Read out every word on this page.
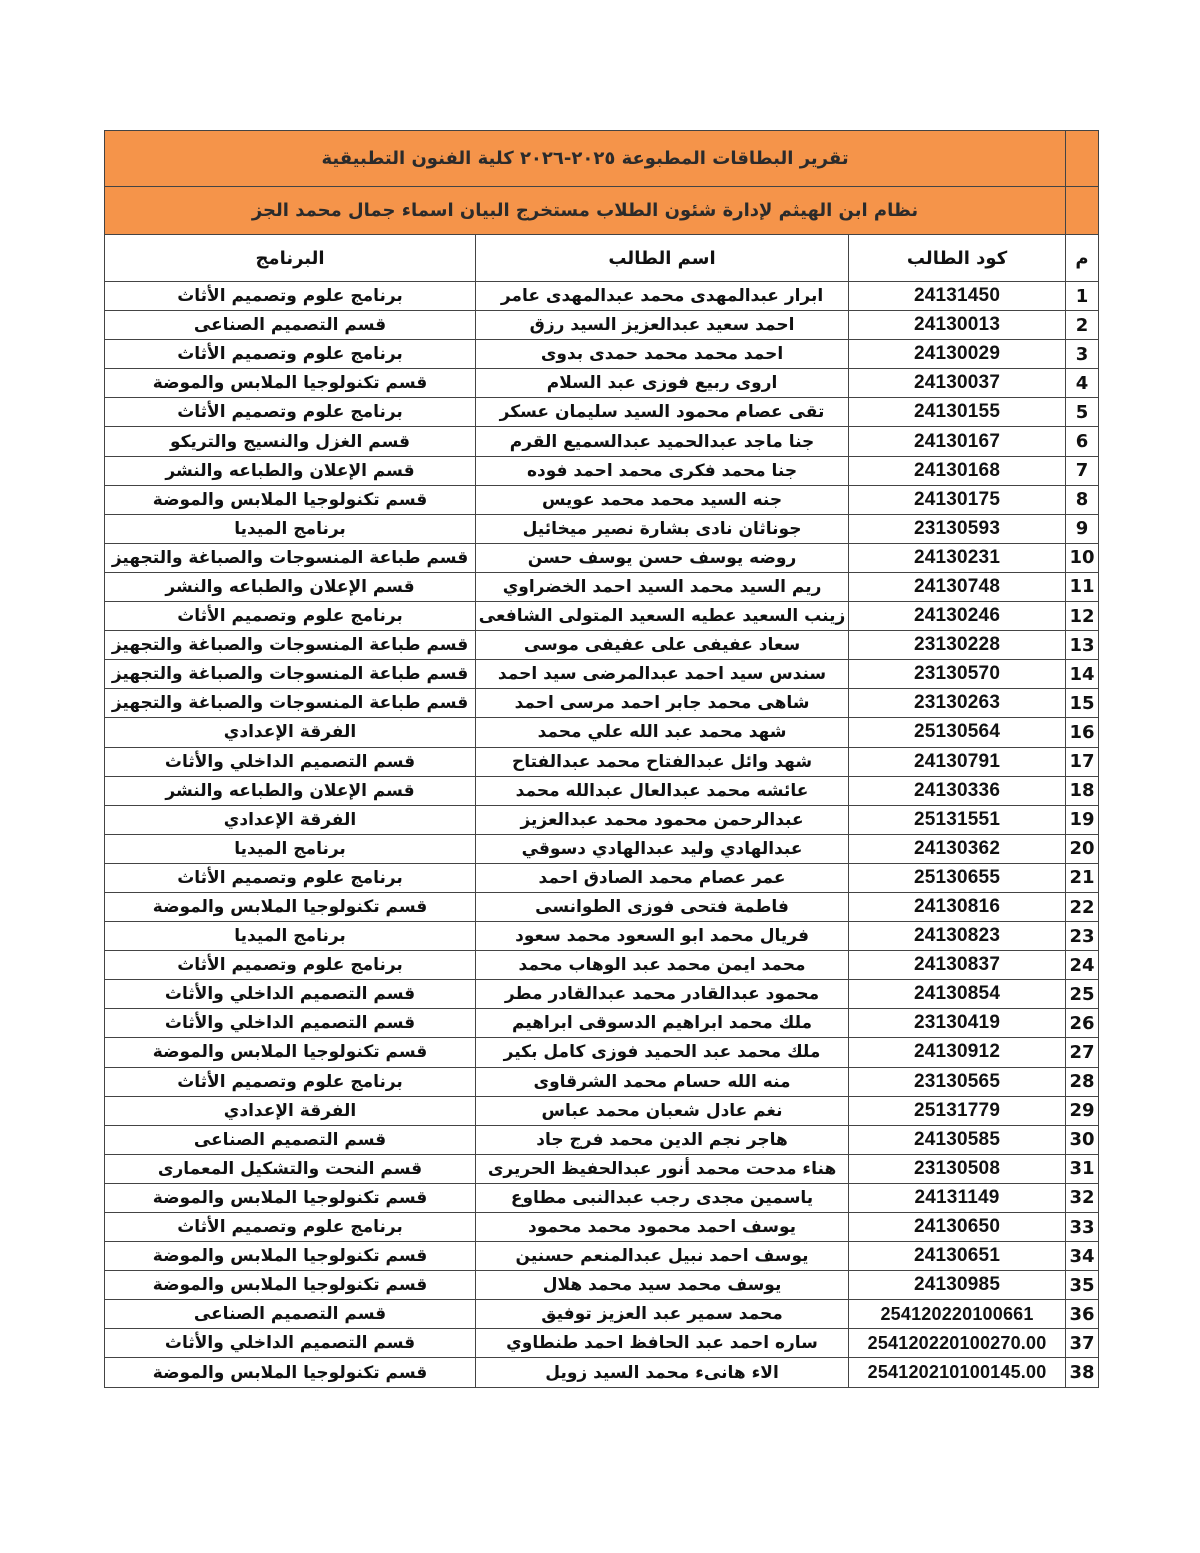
	تقرير البطاقات المطبوعة ٢٠٢٥-٢٠٢٦ كلية الفنون التطبيقية		
	نظام ابن الهيثم لإدارة شئون الطلاب مستخرج البيان اسماء جمال محمد الجز		
م	كود الطالب	اسم الطالب	البرنامج
1	24131450	ابرار عبدالمهدى محمد عبدالمهدى عامر	برنامج علوم وتصميم الأثاث
2	24130013	احمد سعيد عبدالعزيز السيد رزق	قسم التصميم الصناعى
3	24130029	احمد محمد محمد حمدى بدوى	برنامج علوم وتصميم الأثاث
4	24130037	اروى ربيع فوزى عبد السلام	قسم تكنولوجيا الملابس والموضة
5	24130155	تقى عصام محمود السيد سليمان عسكر	برنامج علوم وتصميم الأثاث
6	24130167	جنا ماجد عبدالحميد عبدالسميع القرم	قسم الغزل والنسيج والتريكو
7	24130168	جنا محمد فكرى محمد احمد فوده	قسم الإعلان والطباعه والنشر
8	24130175	جنه السيد محمد محمد عويس	قسم تكنولوجيا الملابس والموضة
9	23130593	جوناثان نادى بشارة نصير ميخائيل	برنامج الميديا
10	24130231	روضه يوسف حسن يوسف حسن	قسم طباعة المنسوجات والصباغة والتجهيز
11	24130748	ريم السيد محمد السيد احمد الخضراوي	قسم الإعلان والطباعه والنشر
12	24130246	زينب السعيد عطيه السعيد المتولى الشافعى	برنامج علوم وتصميم الأثاث
13	23130228	سعاد عفيفى على عفيفى موسى	قسم طباعة المنسوجات والصباغة والتجهيز
14	23130570	سندس سيد احمد عبدالمرضى سيد احمد	قسم طباعة المنسوجات والصباغة والتجهيز
15	23130263	شاهى محمد جابر احمد مرسى احمد	قسم طباعة المنسوجات والصباغة والتجهيز
16	25130564	شهد محمد عبد الله علي محمد	الفرقة الإعدادي
17	24130791	شهد وائل عبدالفتاح محمد عبدالفتاح	قسم التصميم الداخلي والأثاث
18	24130336	عائشه محمد عبدالعال عبدالله محمد	قسم الإعلان والطباعه والنشر
19	25131551	عبدالرحمن محمود محمد عبدالعزيز	الفرقة الإعدادي
20	24130362	عبدالهادي وليد عبدالهادي دسوقي	برنامج الميديا
21	25130655	عمر عصام محمد الصادق احمد	برنامج علوم وتصميم الأثاث
22	24130816	فاطمة فتحى فوزى الطوانسى	قسم تكنولوجيا الملابس والموضة
23	24130823	فريال محمد ابو السعود محمد سعود	برنامج الميديا
24	24130837	محمد ايمن محمد عبد الوهاب محمد	برنامج علوم وتصميم الأثاث
25	24130854	محمود عبدالقادر محمد عبدالقادر مطر	قسم التصميم الداخلي والأثاث
26	23130419	ملك محمد ابراهيم الدسوقى ابراهيم	قسم التصميم الداخلي والأثاث
27	24130912	ملك محمد عبد الحميد فوزى كامل بكير	قسم تكنولوجيا الملابس والموضة
28	23130565	منه الله حسام محمد الشرقاوى	برنامج علوم وتصميم الأثاث
29	25131779	نغم عادل شعبان محمد عباس	الفرقة الإعدادي
30	24130585	هاجر نجم الدين محمد فرج جاد	قسم التصميم الصناعى
31	23130508	هناء مدحت محمد أنور عبدالحفيظ الحريرى	قسم النحت والتشكيل المعمارى
32	24131149	ياسمين مجدى رجب عبدالنبى مطاوع	قسم تكنولوجيا الملابس والموضة
33	24130650	يوسف احمد محمود محمد محمود	برنامج علوم وتصميم الأثاث
34	24130651	يوسف احمد نبيل عبدالمنعم حسنين	قسم تكنولوجيا الملابس والموضة
35	24130985	يوسف محمد سيد محمد هلال	قسم تكنولوجيا الملابس والموضة
36	25412022010066​1	محمد سمير عبد العزيز توفيق	قسم التصميم الصناعى
37	254120220100270.00	ساره احمد عبد الحافظ احمد طنطاوي	قسم التصميم الداخلي والأثاث
38	254120210100145.00	الاء هانىء محمد السيد زويل	قسم تكنولوجيا الملابس والموضة
